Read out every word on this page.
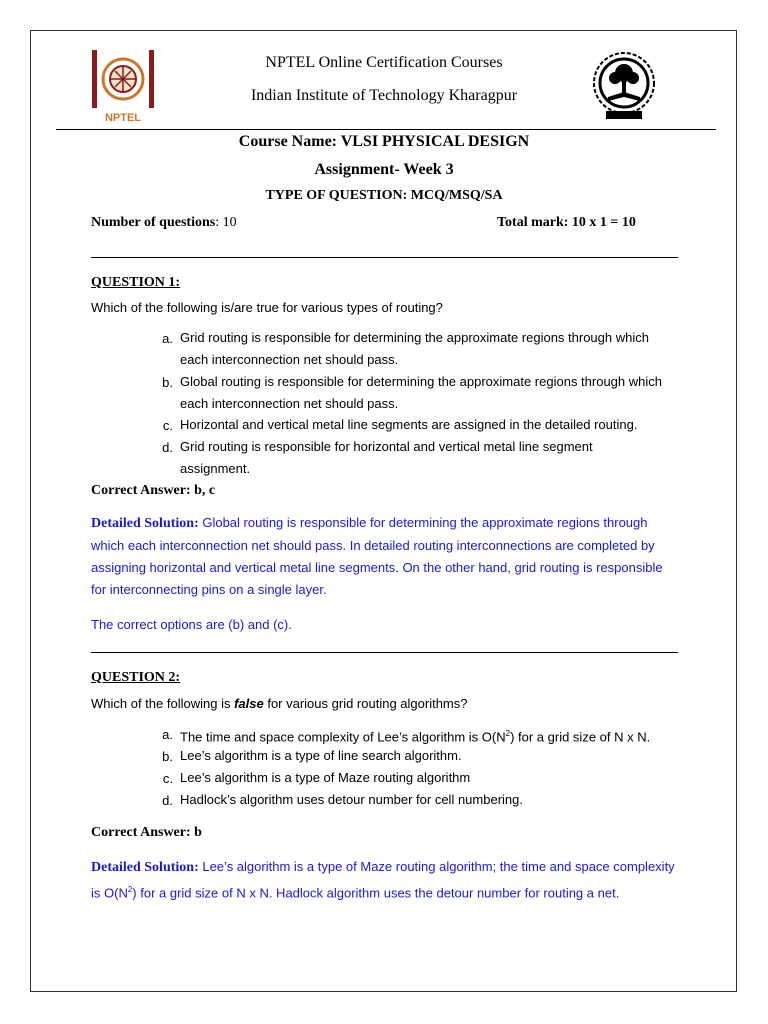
NPTEL
NPTEL Online Certification Courses
Indian Institute of Technology Kharagpur
Course Name: VLSI PHYSICAL DESIGN
Assignment- Week 3
TYPE OF QUESTION: MCQ/MSQ/SA
Number of questions: 10	Total mark: 10 x 1 = 10
QUESTION 1:
Which of the following is/are true for various types of routing?
a. Grid routing is responsible for determining the approximate regions through which each interconnection net should pass.
b. Global routing is responsible for determining the approximate regions through which each interconnection net should pass.
c. Horizontal and vertical metal line segments are assigned in the detailed routing.
d. Grid routing is responsible for horizontal and vertical metal line segment assignment.
Correct Answer: b, c
Detailed Solution: Global routing is responsible for determining the approximate regions through which each interconnection net should pass. In detailed routing interconnections are completed by assigning horizontal and vertical metal line segments. On the other hand, grid routing is responsible for interconnecting pins on a single layer.
The correct options are (b) and (c).
QUESTION 2:
Which of the following is false for various grid routing algorithms?
a. The time and space complexity of Lee’s algorithm is $O(N^2)$ for a grid size of N x N.
b. Lee’s algorithm is a type of line search algorithm.
c. Lee’s algorithm is a type of Maze routing algorithm
d. Hadlock’s algorithm uses detour number for cell numbering.
Correct Answer: b
Detailed Solution: Lee’s algorithm is a type of Maze routing algorithm; the time and space complexity is $O(N^2)$ for a grid size of N x N. Hadlock algorithm uses the detour number for routing a net.
